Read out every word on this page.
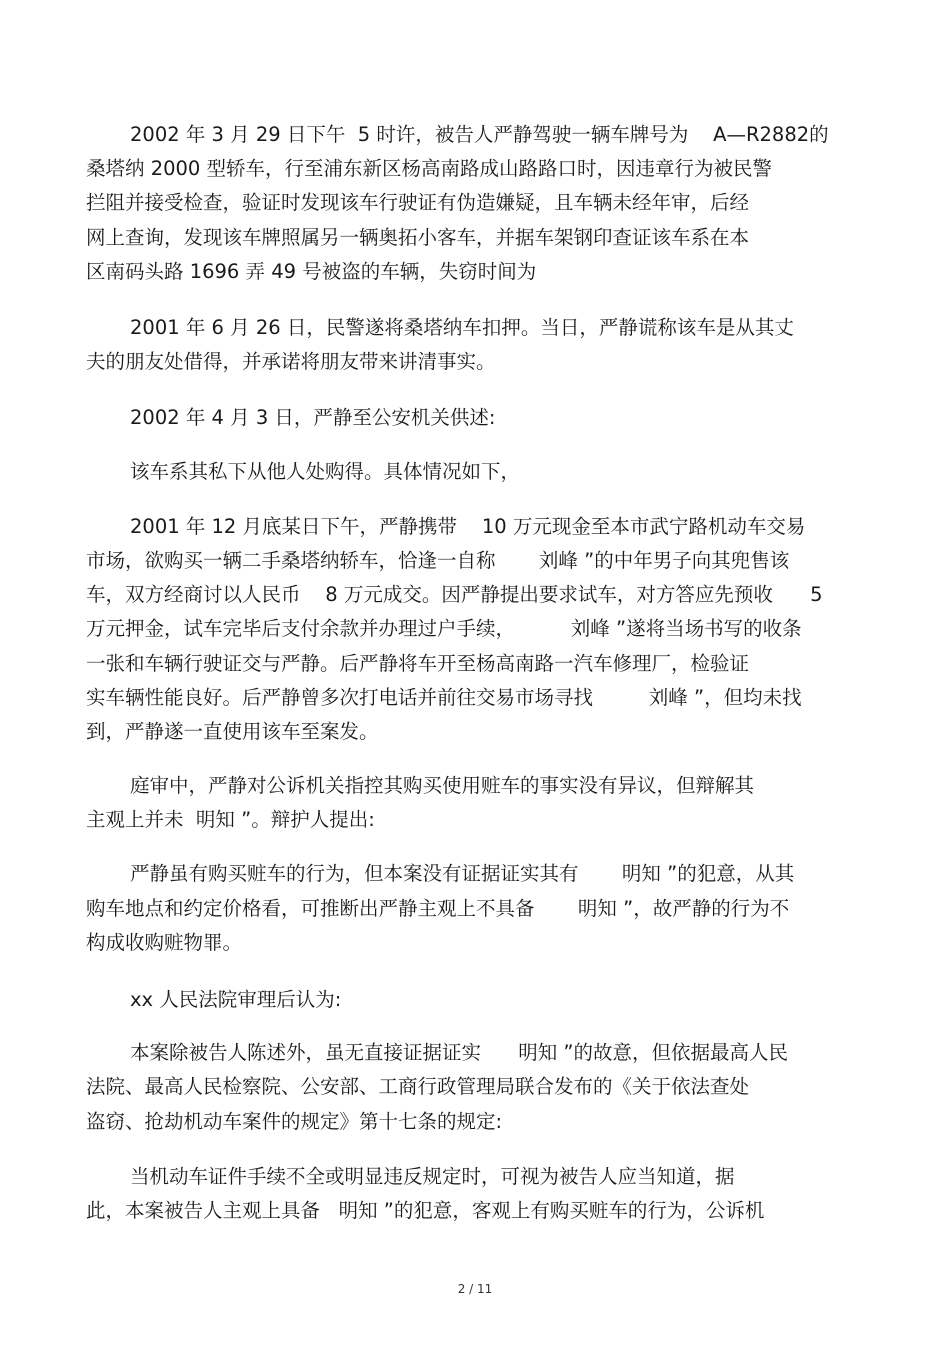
2002 年 3 月 29 日下午  5 时许，被告人严静驾驶一辆车牌号为    A—R2882的
桑塔纳 2000 型轿车，行至浦东新区杨高南路成山路路口时，因违章行为被民警
拦阻并接受检查，验证时发现该车行驶证有伪造嫌疑，且车辆未经年审，后经
网上查询，发现该车牌照属另一辆奥拓小客车，并据车架钢印查证该车系在本
区南码头路 1696 弄 49 号被盗的车辆，失窃时间为
2001 年 6 月 26 日，民警遂将桑塔纳车扣押。当日，严静谎称该车是从其丈
夫的朋友处借得，并承诺将朋友带来讲清事实。
2002 年 4 月 3 日，严静至公安机关供述:
该车系其私下从他人处购得。具体情况如下，
2001 年 12 月底某日下午，严静携带    10 万元现金至本市武宁路机动车交易
市场，欲购买一辆二手桑塔纳轿车，恰逢一自称       刘峰 ”的中年男子向其兜售该
车，双方经商讨以人民币    8 万元成交。因严静提出要求试车，对方答应先预收      5
万元押金，试车完毕后支付余款并办理过户手续，         刘峰 ”遂将当场书写的收条
一张和车辆行驶证交与严静。后严静将车开至杨高南路一汽车修理厂，检验证
实车辆性能良好。后严静曾多次打电话并前往交易市场寻找         刘峰 ”，但均未找
到，严静遂一直使用该车至案发。
庭审中，严静对公诉机关指控其购买使用赃车的事实没有异议，但辩解其
主观上并未  明知 ”。辩护人提出:
严静虽有购买赃车的行为，但本案没有证据证实其有       明知 ”的犯意，从其
购车地点和约定价格看，可推断出严静主观上不具备       明知 ”，故严静的行为不
构成收购赃物罪。
xx 人民法院审理后认为:
本案除被告人陈述外，虽无直接证据证实      明知 ”的故意，但依据最高人民
法院、最高人民检察院、公安部、工商行政管理局联合发布的《关于依法查处
盗窃、抢劫机动车案件的规定》第十七条的规定:
当机动车证件手续不全或明显违反规定时，可视为被告人应当知道，据
此，本案被告人主观上具备   明知 ”的犯意，客观上有购买赃车的行为，公诉机
2 / 11
